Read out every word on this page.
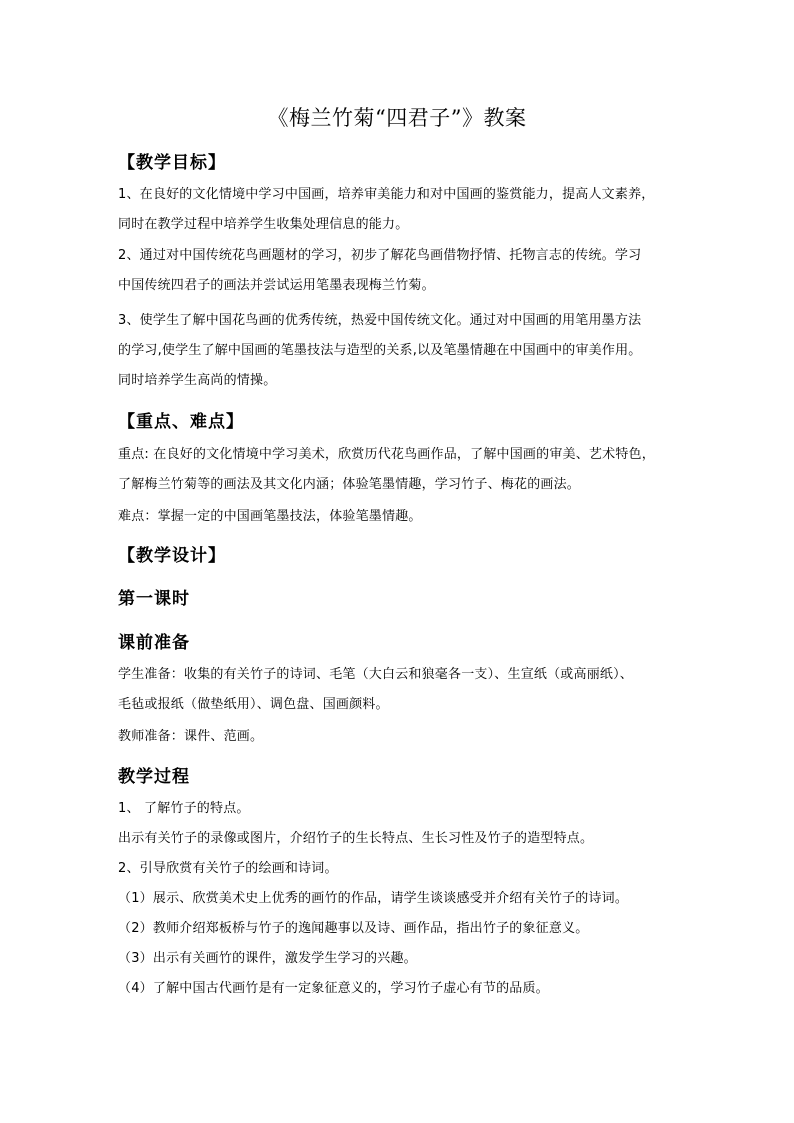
《梅兰竹菊“四君子”》教案
【教学目标】
1、在良好的文化情境中学习中国画，培养审美能力和对中国画的鉴赏能力，提高人文素养，
同时在教学过程中培养学生收集处理信息的能力。
2、通过对中国传统花鸟画题材的学习，初步了解花鸟画借物抒情、托物言志的传统。学习
中国传统四君子的画法并尝试运用笔墨表现梅兰竹菊。
3、使学生了解中国花鸟画的优秀传统，热爱中国传统文化。通过对中国画的用笔用墨方法
的学习,使学生了解中国画的笔墨技法与造型的关系,以及笔墨情趣在中国画中的审美作用。
同时培养学生高尚的情操。
【重点、难点】
重点: 在良好的文化情境中学习美术，欣赏历代花鸟画作品，了解中国画的审美、艺术特色，
了解梅兰竹菊等的画法及其文化内涵；体验笔墨情趣，学习竹子、梅花的画法。
难点：掌握一定的中国画笔墨技法，体验笔墨情趣。
【教学设计】
第一课时
课前准备
学生准备：收集的有关竹子的诗词、毛笔（大白云和狼毫各一支）、生宣纸（或高丽纸）、
毛毡或报纸（做垫纸用）、调色盘、国画颜料。
教师准备：课件、范画。
教学过程
1、 了解竹子的特点。
出示有关竹子的录像或图片，介绍竹子的生长特点、生长习性及竹子的造型特点。
2、引导欣赏有关竹子的绘画和诗词。
（1）展示、欣赏美术史上优秀的画竹的作品，请学生谈谈感受并介绍有关竹子的诗词。
（2）教师介绍郑板桥与竹子的逸闻趣事以及诗、画作品，指出竹子的象征意义。
（3）出示有关画竹的课件，激发学生学习的兴趣。
（4）了解中国古代画竹是有一定象征意义的，学习竹子虚心有节的品质。
